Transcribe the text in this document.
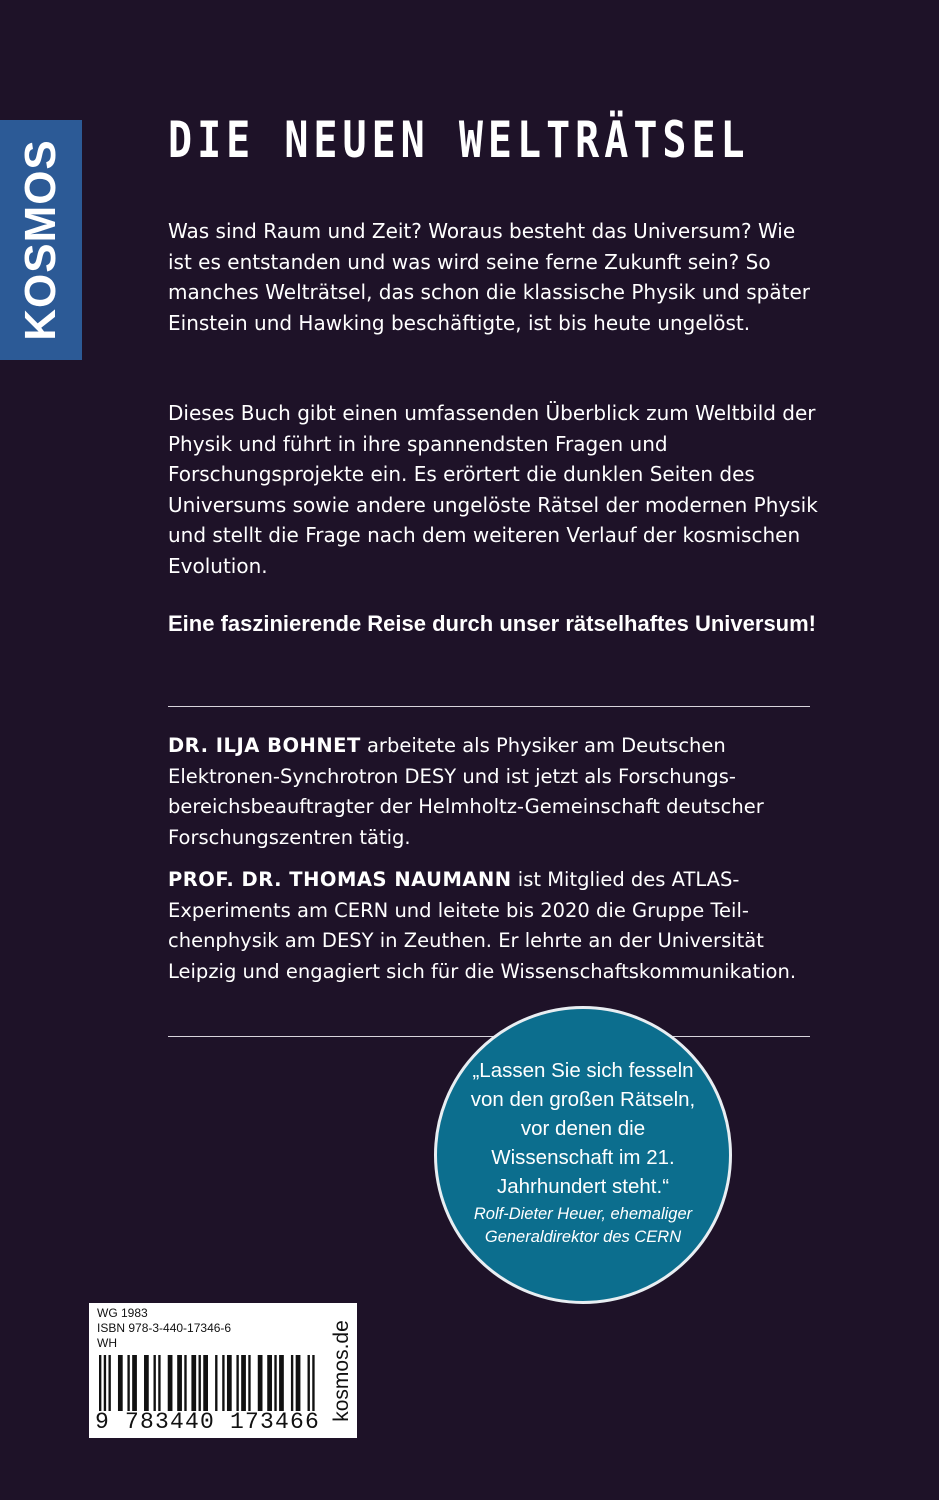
KOSMOS	DIE NEUEN WELTRÄTSEL

Was sind Raum und Zeit? Woraus besteht das Universum? Wie ist es entstanden und was wird seine ferne Zukunft sein? So manches Welträtsel, das schon die klassische Physik und später Einstein und Hawking beschäftigte, ist bis heute ungelöst.

Dieses Buch gibt einen umfassenden Überblick zum Weltbild der Physik und führt in ihre spannendsten Fragen und Forschungsprojekte ein. Es erörtert die dunklen Seiten des Universums sowie andere ungelöste Rätsel der modernen Physik und stellt die Frage nach dem weiteren Verlauf der kosmischen Evolution.

Eine faszinierende Reise durch unser rätselhaftes Universum!

DR. ILJA BOHNET arbeitete als Physiker am Deutschen Elektronen-Synchrotron DESY und ist jetzt als Forschungsbereichsbeauftragter der Helmholtz-Gemeinschaft deutscher Forschungszentren tätig.

PROF. DR. THOMAS NAUMANN ist Mitglied des ATLAS-Experiments am CERN und leitete bis 2020 die Gruppe Teilchenphysik am DESY in Zeuthen. Er lehrte an der Universität Leipzig und engagiert sich für die Wissenschaftskommunikation.

„Lassen Sie sich fesseln von den großen Rätseln, vor denen die Wissenschaft im 21. Jahrhundert steht.“
Rolf-Dieter Heuer, ehemaliger Generaldirektor des CERN
WG 1983
ISBN 978-3-440-17346-6
WH
9 783440 173466
kosmos.de
